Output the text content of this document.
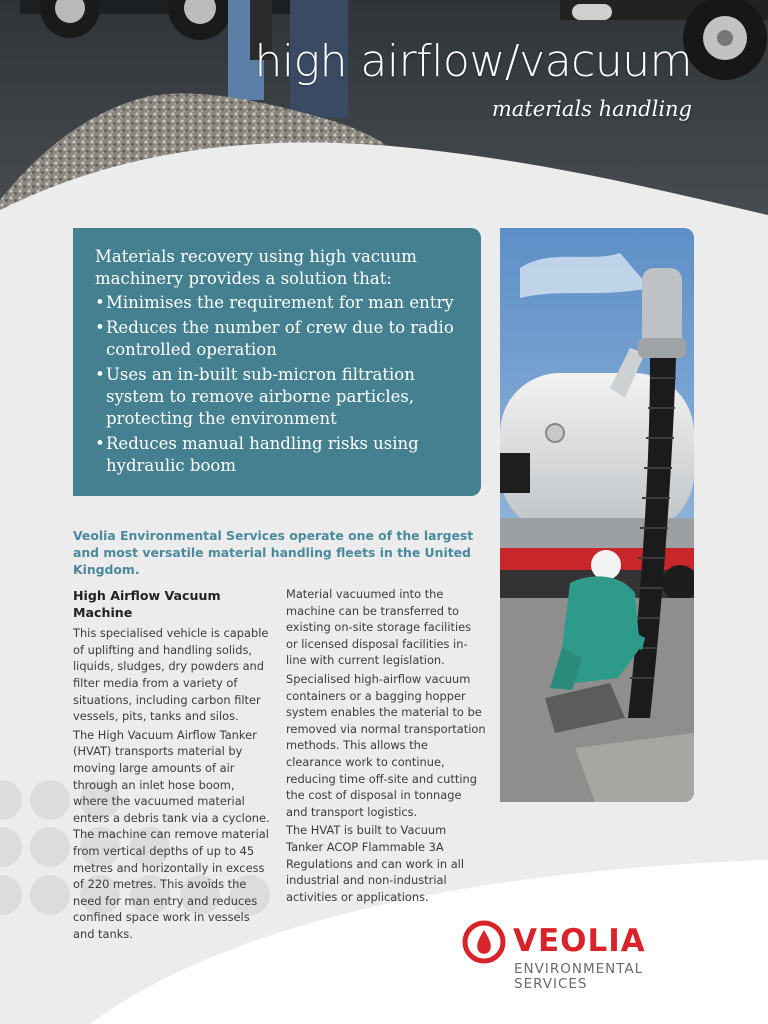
high airflow/vacuum
materials handling

Materials recovery using high vacuum machinery provides a solution that:

• Minimises the requirement for man entry
• Reduces the number of crew due to radio controlled operation
• Uses an in-built sub-micron filtration system to remove airborne particles, protecting the environment
• Reduces manual handling risks using hydraulic boom
Veolia Environmental Services operate one of the largest and most versatile material handling fleets in the United Kingdom.
High Airflow Vacuum Machine

This specialised vehicle is capable of uplifting and handling solids, liquids, sludges, dry powders and filter media from a variety of situations, including carbon filter vessels, pits, tanks and silos.

The High Vacuum Airflow Tanker (HVAT) transports material by moving large amounts of air through an inlet hose boom, where the vacuumed material enters a debris tank via a cyclone. The machine can remove material from vertical depths of up to 45 metres and horizontally in excess of 220 metres. This avoids the need for man entry and reduces confined space work in vessels and tanks.

Material vacuumed into the machine can be transferred to existing on-site storage facilities or licensed disposal facilities in-line with current legislation.

Specialised high-airflow vacuum containers or a bagging hopper system enables the material to be removed via normal transportation methods. This allows the clearance work to continue, reducing time off-site and cutting the cost of disposal in tonnage and transport logistics.

The HVAT is built to Vacuum Tanker ACOP Flammable 3A Regulations and can work in all industrial and non-industrial activities or applications.

VEOLIA
ENVIRONMENTAL
SERVICES
